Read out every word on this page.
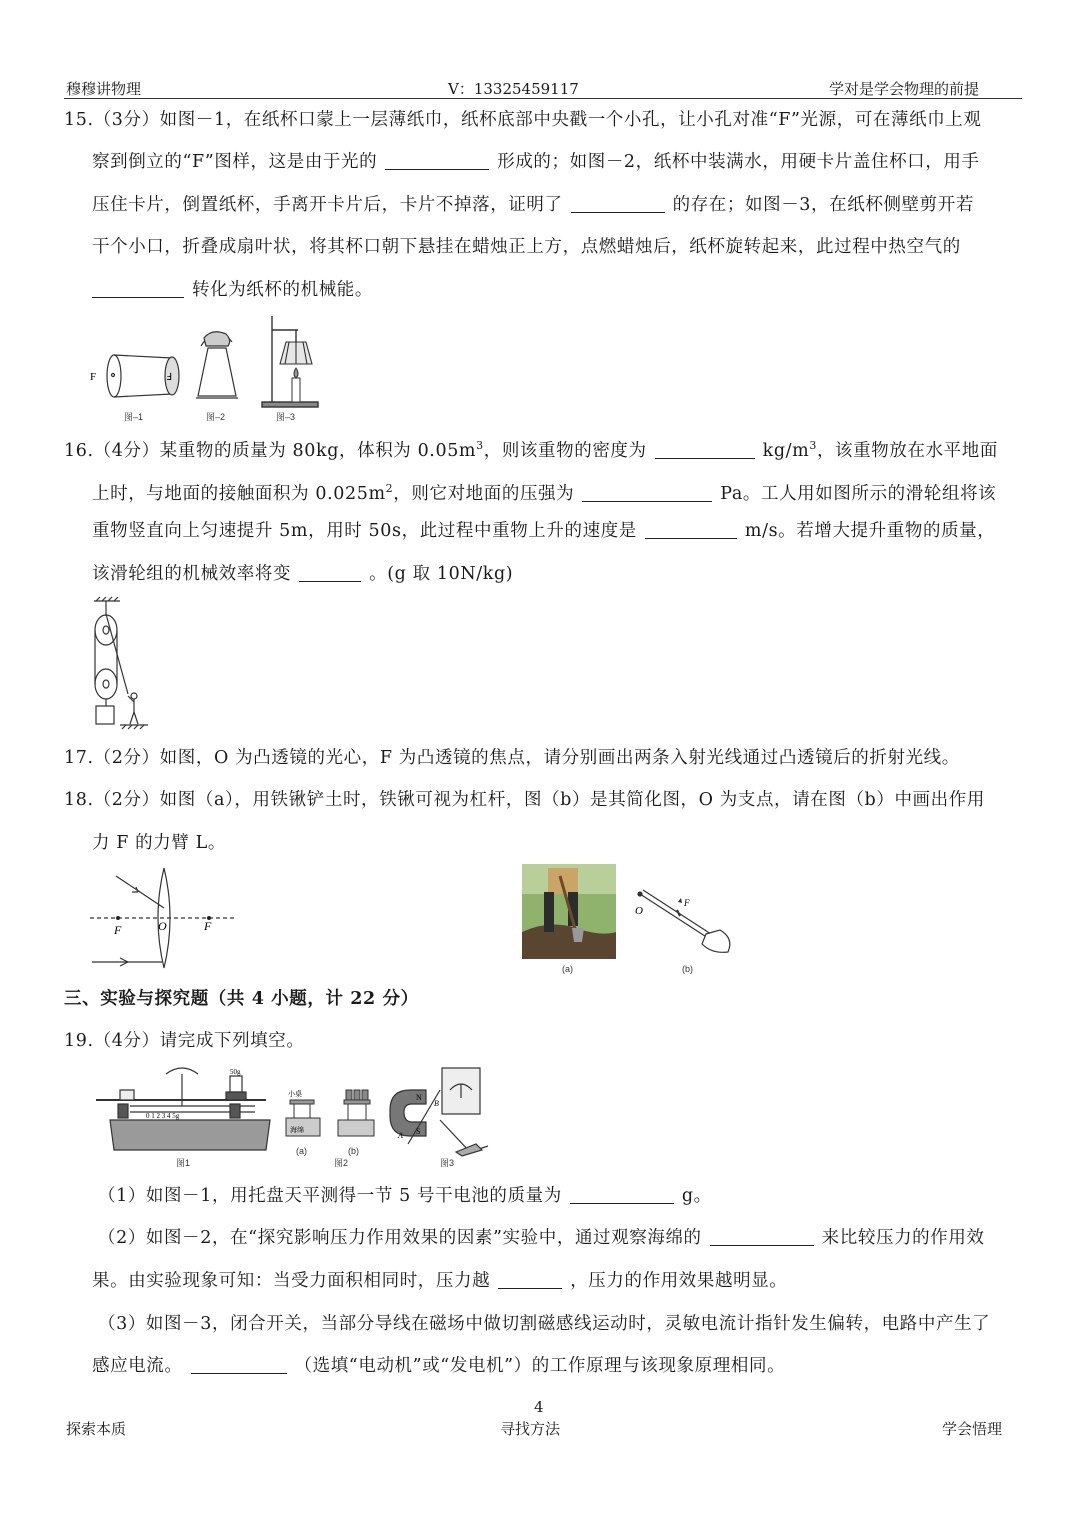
穆穆讲物理	V：13325459117	学对是学会物理的前提
15.（3分）如图－1，在纸杯口蒙上一层薄纸巾，纸杯底部中央戳一个小孔，让小孔对准“F”光源，可在薄纸巾上观
察到倒立的“F”图样，这是由于光的	形成的；如图－2，纸杯中装满水，用硬卡片盖住杯口，用手
压住卡片，倒置纸杯，手离开卡片后，卡片不掉落，证明了	的存在；如图－3，在纸杯侧壁剪开若
干个小口，折叠成扇叶状，将其杯口朝下悬挂在蜡烛正上方，点燃蜡烛后，纸杯旋转起来，此过程中热空气的
转化为纸杯的机械能。
F	Ⅎ
图–1	图–2	图–3
16.（4分）某重物的质量为 80kg，体积为 $0.05m^3$，则该重物的密度为	$kg/m^3$，该重物放在水平地面
上时，与地面的接触面积为 $0.025m^2$，则它对地面的压强为	Pa。工人用如图所示的滑轮组将该
重物竖直向上匀速提升 5m，用时 50s，此过程中重物上升的速度是	m/s。若增大提升重物的质量，
该滑轮组的机械效率将变	。(g 取 10N/kg)
17.（2分）如图，O 为凸透镜的光心，F 为凸透镜的焦点，请分别画出两条入射光线通过凸透镜后的折射光线。
18.（2分）如图（a），用铁锹铲土时，铁锹可视为杠杆，图（b）是其简化图，O 为支点，请在图（b）中画出作用
力 F 的力臂 L。
F	O	F
(a)
O
F
(b)
三、实验与探究题（共 4 小题，计 22 分）
19.（4分）请完成下列填空。
0 1 2 3 4 5g
50g
图1
小桌
海绵
(a)	(b)
图2
N
S
A
B
图3
（1）如图－1，用托盘天平测得一节 5 号干电池的质量为	g。
（2）如图－2，在“探究影响压力作用效果的因素”实验中，通过观察海绵的	来比较压力的作用效
果。由实验现象可知：当受力面积相同时，压力越	，压力的作用效果越明显。
（3）如图－3，闭合开关，当部分导线在磁场中做切割磁感线运动时，灵敏电流计指针发生偏转，电路中产生了
感应电流。	（选填“电动机”或“发电机”）的工作原理与该现象原理相同。
4
探索本质	寻找方法	学会悟理
